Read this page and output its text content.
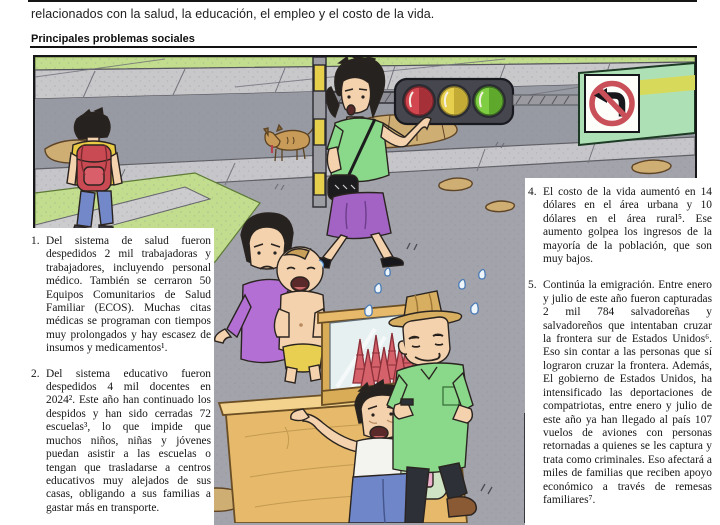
relacionados con la salud, la educación, el empleo y el costo de la vida.
Principales problemas sociales
1. Del sistema de salud fueron despedidos 2 mil trabajadoras y trabajadores, incluyendo personal médico. También se cerraron 50 Equipos Comunitarios de Salud Familiar (ECOS). Muchas citas médicas se programan con tiempos muy prolongados y hay escasez de insumos y medicamentos¹.

2. Del sistema educativo fueron despedidos 4 mil docentes en 2024². Este año han continuado los despidos y han sido cerradas 72 escuelas³, lo que impide que muchos niños, niñas y jóvenes puedan asistir a las escuelas o tengan que trasladarse a centros educativos muy alejados de sus casas, obligando a sus familias a gastar más en transporte.

4. El costo de la vida aumentó en 14 dólares en el área urbana y 10 dólares en el área rural⁵. Ese aumento golpea los ingresos de la mayoría de la población, que son muy bajos.

5. Continúa la emigración. Entre enero y julio de este año fueron capturadas 2 mil 784 salvadoreñas y salvadoreños que intentaban cruzar la frontera sur de Estados Unidos⁶. Eso sin contar a las personas que sí lograron cruzar la frontera. Además, El gobierno de Estados Unidos, ha intensificado las deportaciones de compatriotas, entre enero y julio de este año ya han llegado al país 107 vuelos de aviones con personas retornadas a quienes se les captura y trata como criminales. Eso afectará a miles de familias que reciben apoyo económico a través de remesas familiares⁷.
